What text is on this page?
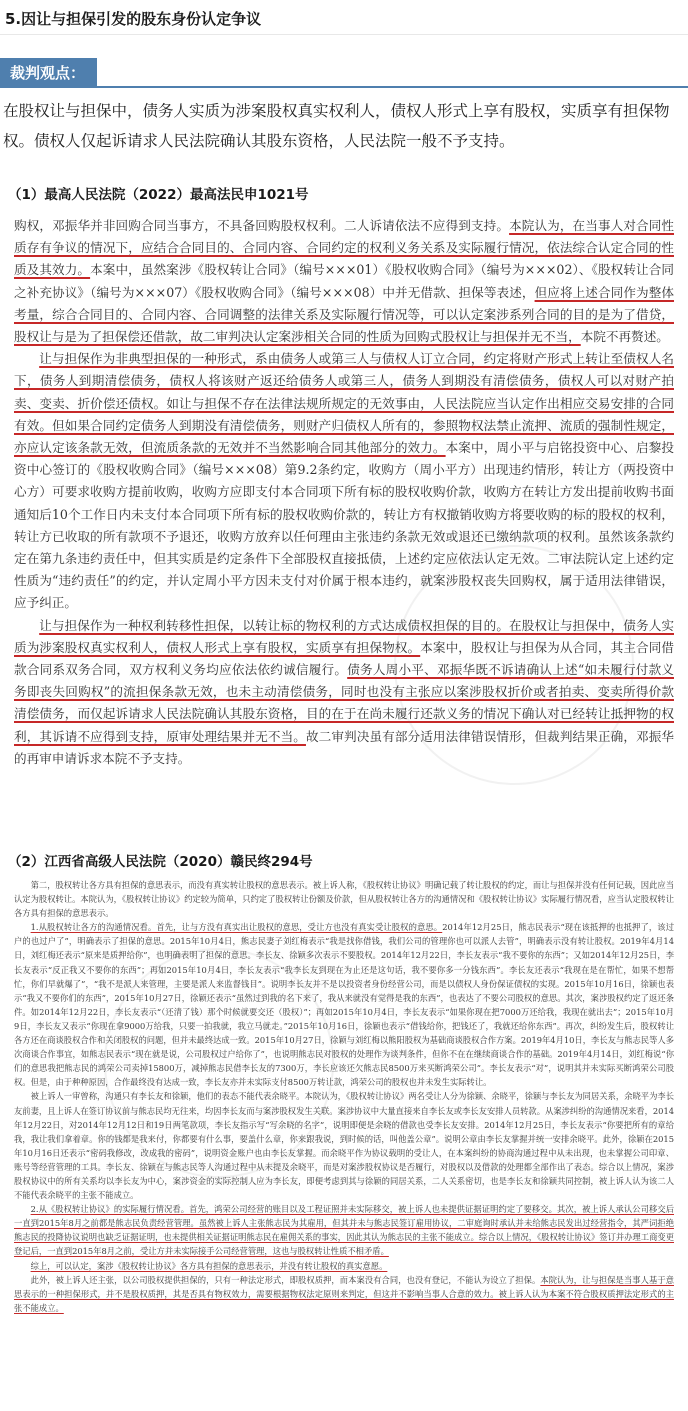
5.因让与担保引发的股东身份认定争议
裁判观点：
在股权让与担保中，债务人实质为涉案股权真实权利人，债权人形式上享有股权，实质享有担保物权。债权人仅起诉请求人民法院确认其股东资格，人民法院一般不予支持。
（1）最高人民法院（2022）最高法民申1021号

购权，邓振华并非回购合同当事方，不具备回购股权权利。二人诉请依法不应得到支持。本院认为，在当事人对合同性质存有争议的情况下，应结合合同目的、合同内容、合同约定的权利义务关系及实际履行情况，依法综合认定合同的性质及其效力。本案中，虽然案涉《股权转让合同》（编号×××01）《股权收购合同》（编号为×××02）、《股权转让合同之补充协议》（编号为×××07）《股权收购合同》（编号×××08）中并无借款、担保等表述，但应将上述合同作为整体考量，综合合同目的、合同内容、合同调整的法律关系及实际履行情况等，可以认定案涉系列合同的目的是为了借贷，股权让与是为了担保偿还借款，故二审判决认定案涉相关合同的性质为回购式股权让与担保并无不当，本院不再赘述。

让与担保作为非典型担保的一种形式，系由债务人或第三人与债权人订立合同，约定将财产形式上转让至债权人名下，债务人到期清偿债务，债权人将该财产返还给债务人或第三人，债务人到期没有清偿债务，债权人可以对财产拍卖、变卖、折价偿还债权。如让与担保不存在法律法规所规定的无效事由，人民法院应当认定作出相应交易安排的合同有效。但如果合同约定债务人到期没有清偿债务，则财产归债权人所有的，参照物权法禁止流押、流质的强制性规定，亦应认定该条款无效，但流质条款的无效并不当然影响合同其他部分的效力。本案中，周小平与启铭投资中心、启黎投资中心签订的《股权收购合同》（编号×××08）第9.2条约定，收购方（周小平方）出现违约情形，转让方（两投资中心方）可要求收购方提前收购，收购方应即支付本合同项下所有标的股权收购价款，收购方在转让方发出提前收购书面通知后10个工作日内未支付本合同项下所有标的股权收购价款的，转让方有权撤销收购方将要收购的标的股权的权利，转让方已收取的所有款项不予退还，收购方放弃以任何理由主张违约条款无效或退还已缴纳款项的权利。虽然该条款约定在第九条违约责任中，但其实质是约定条件下全部股权直接抵债，上述约定应依法认定无效。二审法院认定上述约定性质为“违约责任”的约定，并认定周小平方因未支付对价属于根本违约，就案涉股权丧失回购权，属于适用法律错误，应予纠正。

让与担保作为一种权利转移性担保，以转让标的物权利的方式达成债权担保的目的。在股权让与担保中，债务人实质为涉案股权真实权利人，债权人形式上享有股权，实质享有担保物权。本案中，股权让与担保为从合同，其主合同借款合同系双务合同，双方权利义务均应依法依约诚信履行。债务人周小平、邓振华既不诉请确认上述“如未履行付款义务即丧失回购权”的流担保条款无效，也未主动清偿债务，同时也没有主张应以案涉股权折价或者拍卖、变卖所得价款清偿债务，而仅起诉请求人民法院确认其股东资格，目的在于在尚未履行还款义务的情况下确认对已经转让抵押物的权利，其诉请不应得到支持，原审处理结果并无不当。故二审判决虽有部分适用法律错误情形，但裁判结果正确，邓振华的再审申请诉求本院不予支持。

（2）江西省高级人民法院（2020）赣民终294号

第二，股权转让各方具有担保的意思表示，而没有真实转让股权的意思表示。被上诉人称，《股权转让协议》明确记载了转让股权的约定，而让与担保并没有任何记载，因此应当认定为股权转让。本院认为，《股权转让协议》约定较为简单，只约定了股权转让份额及价款，但从股权转让各方的沟通情况和《股权转让协议》实际履行情况看，应当认定股权转让各方具有担保的意思表示。

1.从股权转让各方的沟通情况看。首先，让与方没有真实出让股权的意思，受让方也没有真实受让股权的意思。2014年12月25日，熊志民表示“现在该抵押的也抵押了，该过户的也过户了”，明确表示了担保的意思。2015年10月4日，熊志民妻子刘红梅表示“我是找你借钱，我们公司的管理你也可以派人去管”，明确表示没有转让股权。2019年4月14日，刘红梅还表示“原来是质押给你”，也明确表明了担保的意思。李长友、徐颖多次表示不要股权。2014年12月22日，李长友表示“我不要你的东西”；又如2014年12月25日，李长友表示“反正我又不要你的东西”；再如2015年10月4日，李长友表示“我李长友到现在为止还是这句话，我不要你多一分钱东西”。李长友还表示“我现在是在帮忙，如果不想帮忙，你们早就爆了”，“我不是派人来管理，主要是派人来监督钱目”。说明李长友并不是以投资者身份经营公司，而是以债权人身份保证债权的实现。2015年10月16日，徐颖也表示“我又不要你们的东西”，2015年10月27日，徐颖还表示“虽然过到我的名下来了，我从来就没有觉得是我的东西”，也表达了不要公司股权的意思。其次，案涉股权约定了返还条件。如2014年12月22日，李长友表示“（还清了钱）那个时候就要交还（股权）”；再如2015年10月4日，李长友表示“如果你现在把7000万还给我，我现在就出去”；2015年10月9日，李长友又表示“你现在拿9000万给我，只要一拍我就，我立马就走。”2015年10月16日，徐颖也表示“借钱给你，把钱还了，我就还给你东西”。再次，纠纷发生后，股权转让各方还在商谈股权合作和关闭股权的问题，但并未最终达成一致。2015年10月27日，徐颖与刘红梅以熊阳股权为基础商谈股权合作方案。2019年4月10日，李长友与熊志民等人多次商谈合作事宜，如熊志民表示“现在就是说，公司股权过户给你了”，也说明熊志民对股权的处理作为谈判条件，但你不在在继续商谈合作的基础。2019年4月14日，刘红梅说“你们的意思我把熊志民的鸿荣公司卖掉15800万，减掉熊志民借李长友的7300万，李长应该还欠熊志民8500万来买断鸿荣公司”。李长友表示“对”，说明其并未实际买断鸿荣公司股权。但是，由于种种原因，合作最终没有达成一致，李长友亦并未实际支付8500万转让款，鸿荣公司的股权也并未发生实际转让。

被上诉人一审曾称，沟通只有李长友和徐颖，他们的表态不能代表余晓平。本院认为，《股权转让协议》两名受让人分为徐颖、余晓平，徐颖与李长友为同居关系，余晓平为李长友前妻，且上诉人在签订协议前与熊志民均无往来，均因李长友而与案涉股权发生关联。案涉协议中大量直接来自李长友或李长友安排人员转款。从案涉纠纷的沟通情况来看，2014年12月22日，对2014年12月12日和19日两笔款项，李长友指示写“写余晓的名字”，说明即便是余晓的借款也受李长友安排。2014年12月25日，李长友表示“你要把所有的章给我，我让我们拿着章。你的钱都是我来付，你都要有什么事，要盖什么章，你来跟我说，到时候的话，叫他盖公章”。说明公章由李长友掌握并统一安排余晓平。此外，徐颖在2015年10月16日还表示“密码我修改，改成我的密码”，说明资金账户也由李长友掌握。而余晓平作为协议载明的受让人，在本案纠纷的协商沟通过程中从未出现，也未掌握公司印章、账号等经营管理的工具。李长友、徐颖在与熊志民等人沟通过程中从未提及余晓平，而是对案涉股权协议是否履行，对股权以及借款的处理都全部作出了表态。综合以上情况，案涉股权协议中的所有关系均以李长友为中心，案涉资金的实际控制人应为李长友，即便考虑到其与徐颖的同居关系，二人关系密切，也是李长友和徐颖共同控制，被上诉人认为该二人不能代表余晓平的主张不能成立。

2.从《股权转让协议》的实际履行情况看。首先，鸿荣公司经营的账目以及工程证照并未实际移交，被上诉人也未提供证据证明约定了要移交。其次，被上诉人承认公司移交后一直到2015年8月之前都是熊志民负责经营管理。虽然被上诉人主张熊志民为其雇用，但其并未与熊志民签订雇用协议，二审庭询时承认并未给熊志民发出过经营指令，其严词拒绝熊志民的投降协议说明也缺乏证据证明，也未提供相关证据证明熊志民在雇佣关系的事实，因此其认为熊志民的主张不能成立。综合以上情况，《股权转让协议》签订并办理工商变更登记后，一直到2015年8月之前，受让方并未实际接手公司经营管理，这也与股权转让性质不相矛盾。

综上，可以认定，案涉《股权转让协议》各方具有担保的意思表示，并没有转让股权的真实意愿。

此外，被上诉人还主张，以公司股权提供担保的，只有一种法定形式，即股权质押，而本案没有合同，也没有登记，不能认为设立了担保。本院认为，让与担保是当事人基于意思表示的一种担保形式，并不是股权质押，其是否具有物权效力，需要根据物权法定原则来判定，但这并不影响当事人合意的效力。被上诉人认为本案不符合股权质押法定形式的主张不能成立。
